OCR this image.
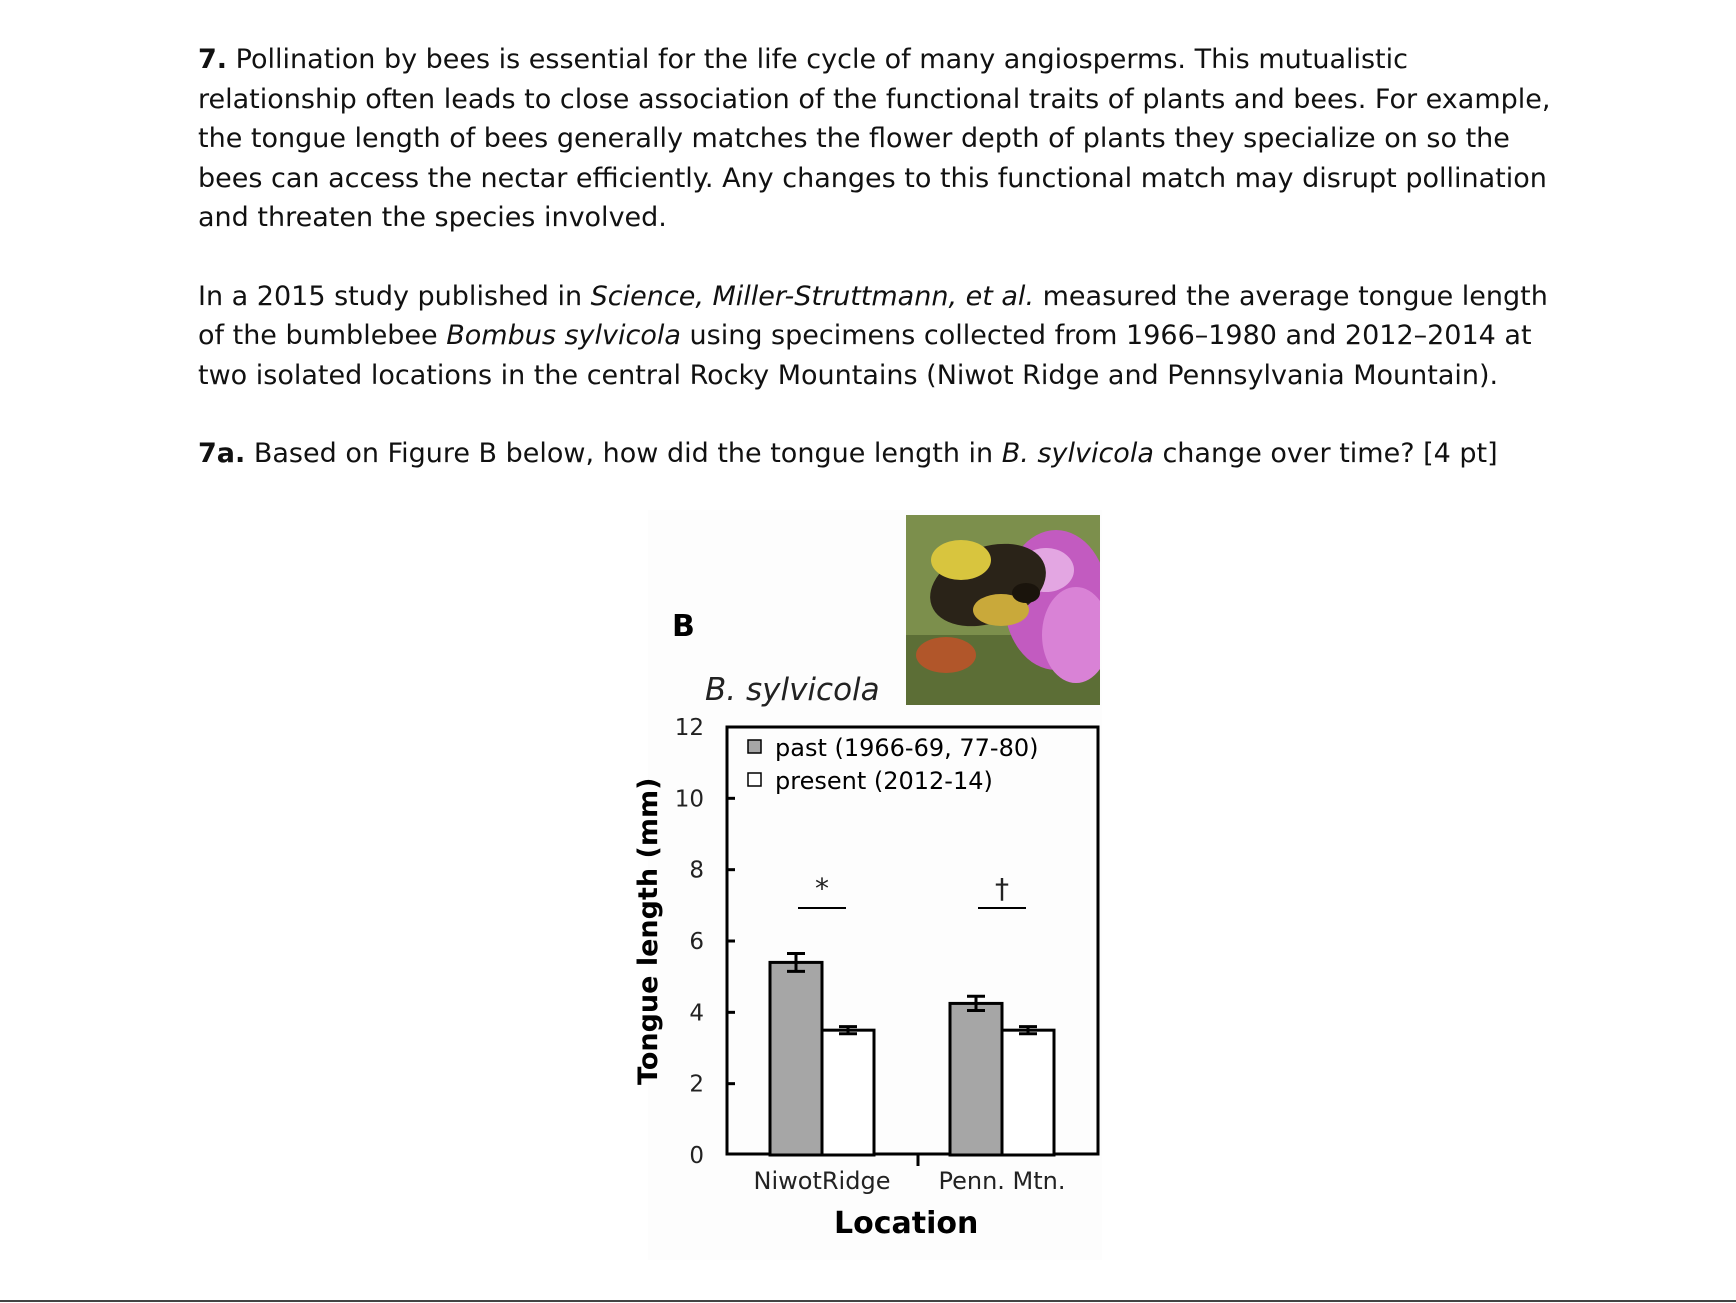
7. Pollination by bees is essential for the life cycle of many angiosperms. This mutualistic relationship often leads to close association of the functional traits of plants and bees. For example, the tongue length of bees generally matches the flower depth of plants they specialize on so the bees can access the nectar efficiently. Any changes to this functional match may disrupt pollination and threaten the species involved.

In a 2015 study published in Science, Miller-Struttmann, et al. measured the average tongue length of the bumblebee Bombus sylvicola using specimens collected from 1966–1980 and 2012–2014 at two isolated locations in the central Rocky Mountains (Niwot Ridge and Pennsylvania Mountain).

7a. Based on Figure B below, how did the tongue length in B. sylvicola change over time? [4 pt]

B
B. sylvicola
Tongue length (mm)
Location
0
2
4
6
8
10
12
*	†
NiwotRidge Penn. Mtn.
past (1966-69, 77-80)
present (2012-14)
